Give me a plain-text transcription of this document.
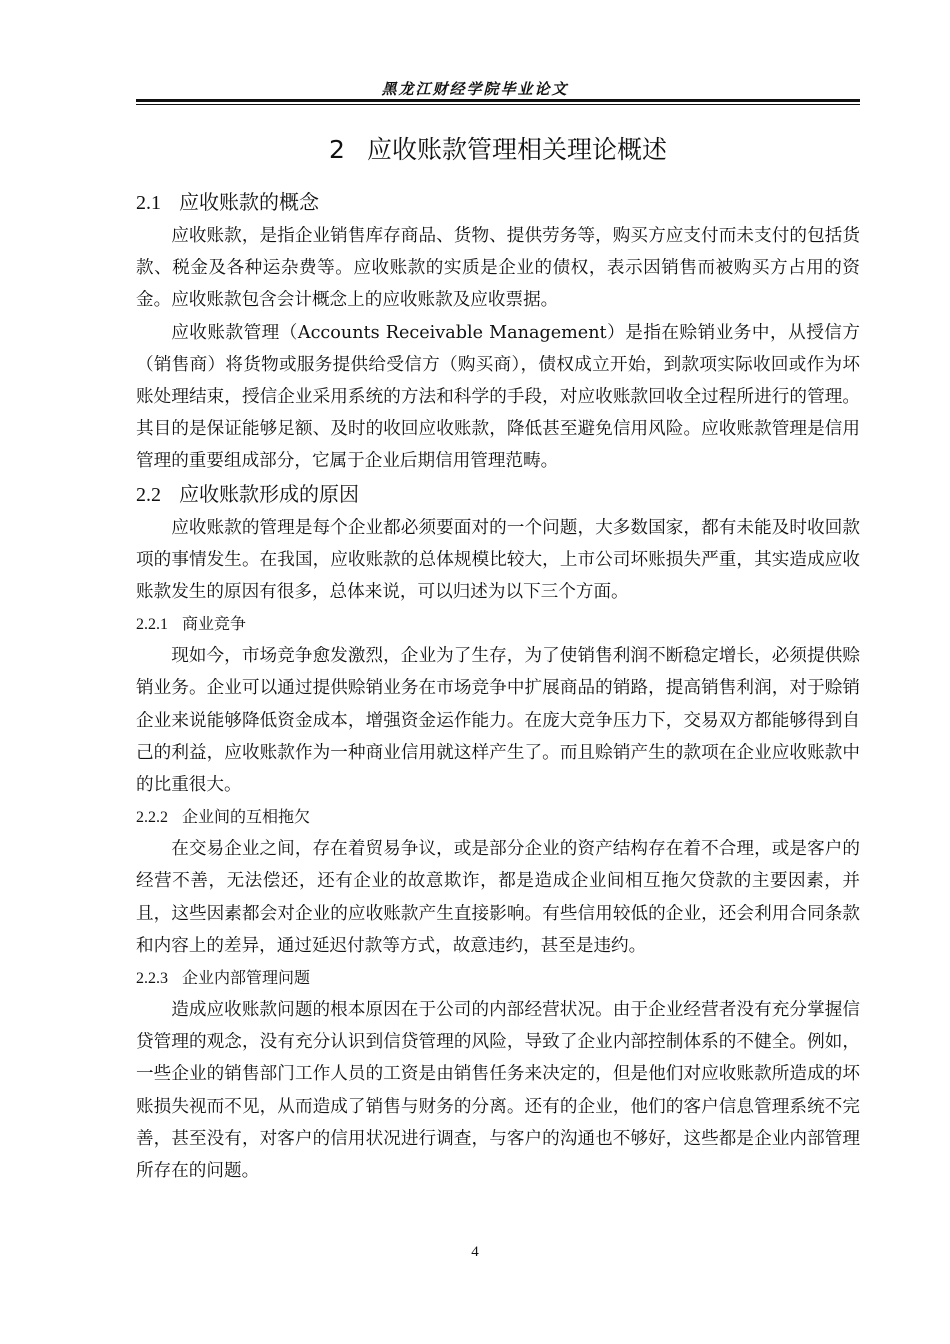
黑龙江财经学院毕业论文
2 应收账款管理相关理论概述
2.1 应收账款的概念

应收账款，是指企业销售库存商品、货物、提供劳务等，购买方应支付而未支付的包括货款、税金及各种运杂费等。应收账款的实质是企业的债权，表示因销售而被购买方占用的资金。应收账款包含会计概念上的应收账款及应收票据。

应收账款管理（Accounts Receivable Management）是指在赊销业务中，从授信方（销售商）将货物或服务提供给受信方（购买商），债权成立开始，到款项实际收回或作为坏账处理结束，授信企业采用系统的方法和科学的手段，对应收账款回收全过程所进行的管理。其目的是保证能够足额、及时的收回应收账款，降低甚至避免信用风险。应收账款管理是信用管理的重要组成部分，它属于企业后期信用管理范畴。

2.2 应收账款形成的原因

应收账款的管理是每个企业都必须要面对的一个问题，大多数国家，都有未能及时收回款项的事情发生。在我国，应收账款的总体规模比较大，上市公司坏账损失严重，其实造成应收账款发生的原因有很多，总体来说，可以归述为以下三个方面。

2.2.1 商业竞争

现如今，市场竞争愈发激烈，企业为了生存，为了使销售利润不断稳定增长，必须提供赊销业务。企业可以通过提供赊销业务在市场竞争中扩展商品的销路，提高销售利润，对于赊销企业来说能够降低资金成本，增强资金运作能力。在庞大竞争压力下，交易双方都能够得到自己的利益，应收账款作为一种商业信用就这样产生了。而且赊销产生的款项在企业应收账款中的比重很大。

2.2.2 企业间的互相拖欠

在交易企业之间，存在着贸易争议，或是部分企业的资产结构存在着不合理，或是客户的经营不善，无法偿还，还有企业的故意欺诈，都是造成企业间相互拖欠贷款的主要因素，并且，这些因素都会对企业的应收账款产生直接影响。有些信用较低的企业，还会利用合同条款和内容上的差异，通过延迟付款等方式，故意违约，甚至是违约。

2.2.3 企业内部管理问题

造成应收账款问题的根本原因在于公司的内部经营状况。由于企业经营者没有充分掌握信贷管理的观念，没有充分认识到信贷管理的风险，导致了企业内部控制体系的不健全。例如，一些企业的销售部门工作人员的工资是由销售任务来决定的，但是他们对应收账款所造成的坏账损失视而不见，从而造成了销售与财务的分离。还有的企业，他们的客户信息管理系统不完善，甚至没有，对客户的信用状况进行调查，与客户的沟通也不够好，这些都是企业内部管理所存在的问题。

4
